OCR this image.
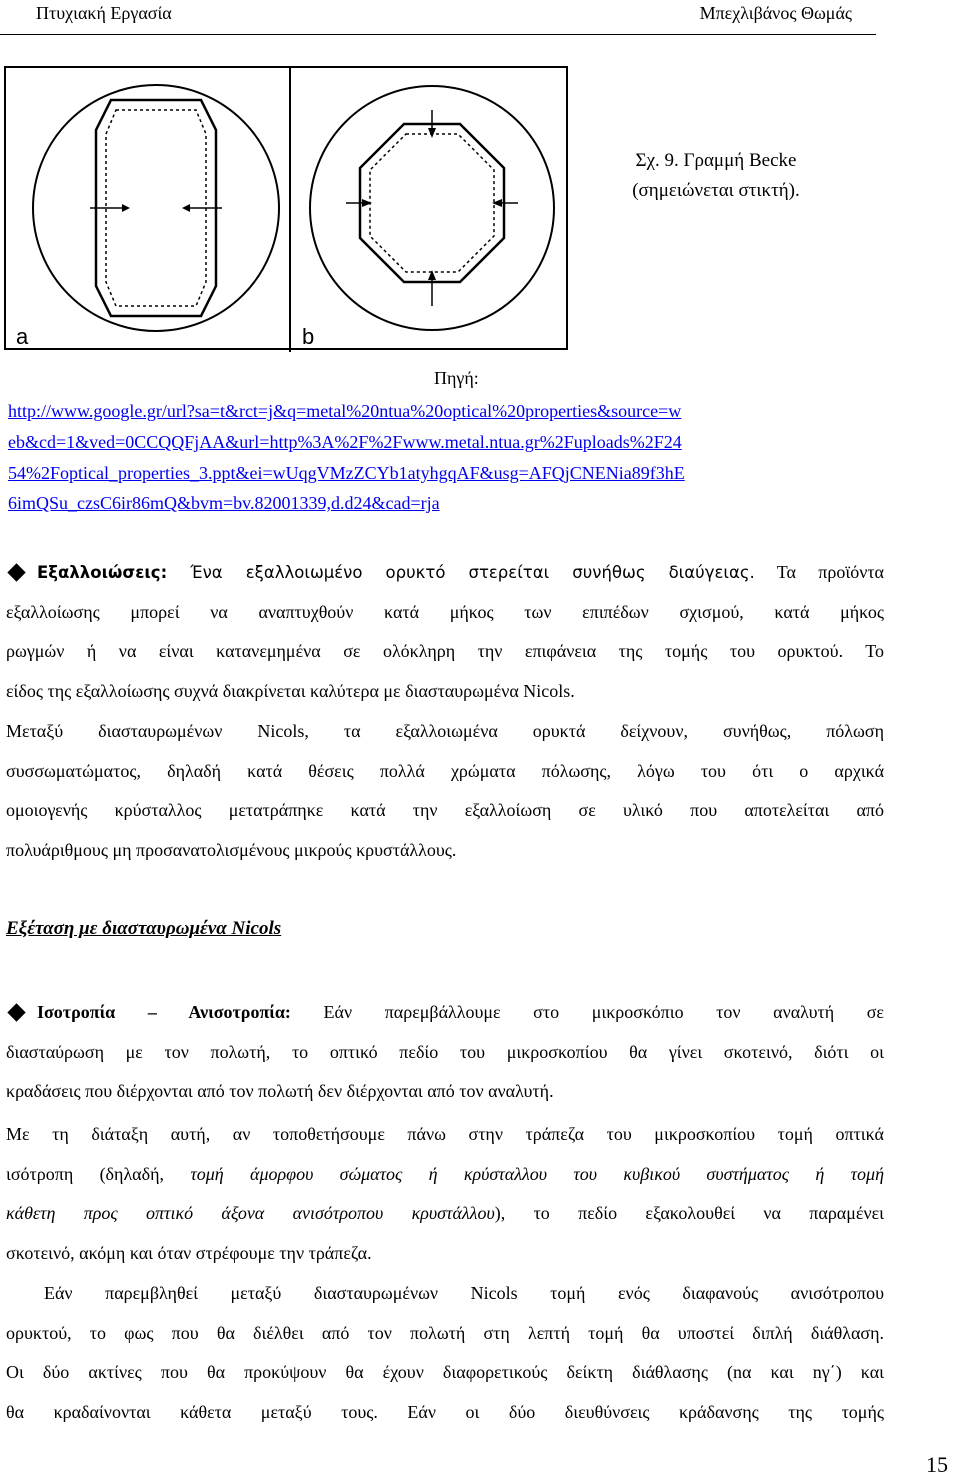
Πτυχιακή Εργασία	Μπεχλιβάνος Θωμάς
a	b
Σχ. 9. Γραμμή Becke
(σημειώνεται στικτή).
Πηγή:
http://www.google.gr/url?sa=t&rct=j&q=metal%20ntua%20optical%20properties&source=w
eb&cd=1&ved=0CCQQFjAA&url=http%3A%2F%2Fwww.metal.ntua.gr%2Fuploads%2F24
54%2Foptical_properties_3.ppt&ei=wUqgVMzZCYb1atyhgqAF&usg=AFQjCNENia89f3hE
6imQSu_czsC6ir86mQ&bvm=bv.82001339,d.d24&cad=rja
Εξαλλοιώσεις: Ένα εξαλλοιωμένο ορυκτό στερείται συνήθως διαύγειας. Τα προϊόντα
εξαλλοίωσης μπορεί να αναπτυχθούν κατά μήκος των επιπέδων σχισμού, κατά μήκος
ρωγμών ή να είναι κατανεμημένα σε ολόκληρη την επιφάνεια της τομής του ορυκτού. Το
είδος της εξαλλοίωσης συχνά διακρίνεται καλύτερα με διασταυρωμένα Nicols.
Μεταξύ διασταυρωμένων Nicols, τα εξαλλοιωμένα ορυκτά δείχνουν, συνήθως, πόλωση
συσσωματώματος, δηλαδή κατά θέσεις πολλά χρώματα πόλωσης, λόγω του ότι ο αρχικά
ομοιογενής κρύσταλλος μετατράπηκε κατά την εξαλλοίωση σε υλικό που αποτελείται από
πολυάριθμους μη προσανατολισμένους μικρούς κρυστάλλους.
Εξέταση με διασταυρωμένα Nicols
Ισοτροπία – Ανισοτροπία: Εάν παρεμβάλλουμε στο μικροσκόπιο τον αναλυτή σε
διασταύρωση με τον πολωτή, το οπτικό πεδίο του μικροσκοπίου θα γίνει σκοτεινό, διότι οι
κραδάσεις που διέρχονται από τον πολωτή δεν διέρχονται από τον αναλυτή.
Με τη διάταξη αυτή, αν τοποθετήσουμε πάνω στην τράπεζα του μικροσκοπίου τομή οπτικά
ισότροπη (δηλαδή, τομή άμορφου σώματος ή κρύσταλλου του κυβικού συστήματος ή τομή
κάθετη προς οπτικό άξονα ανισότροπου κρυστάλλου), το πεδίο εξακολουθεί να παραμένει
σκοτεινό, ακόμη και όταν στρέφουμε την τράπεζα.
Εάν παρεμβληθεί μεταξύ διασταυρωμένων Nicols τομή ενός διαφανούς ανισότροπου
ορυκτού, το φως που θα διέλθει από τον πολωτή στη λεπτή τομή θα υποστεί διπλή διάθλαση.
Οι δύο ακτίνες που θα προκύψουν θα έχουν διαφορετικούς δείκτη διάθλασης (nα και nγ΄) και
θα κραδαίνονται κάθετα μεταξύ τους. Εάν οι δύο διευθύνσεις κράδανσης της τομής
15
